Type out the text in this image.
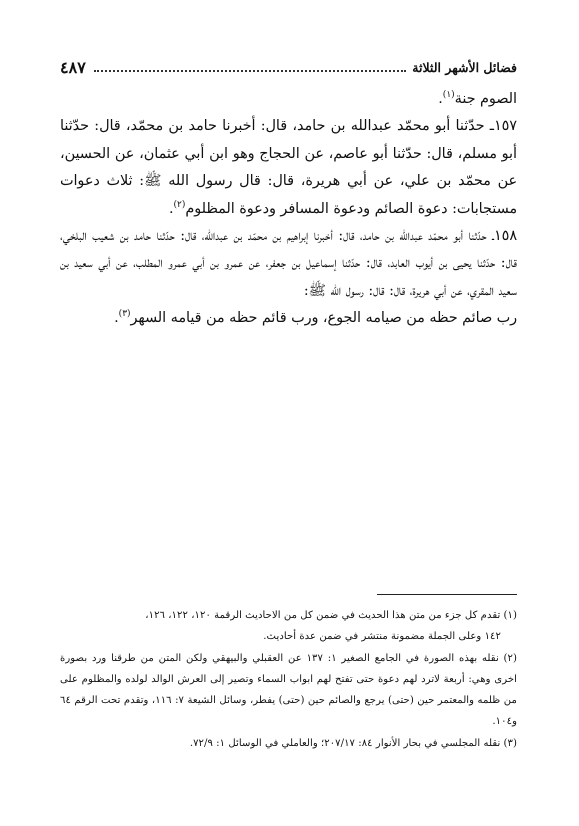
فضائل الأشهر الثلاثة
٤٨٧

الصوم جنة$^{(١)}$.

١٥٧ـ حدّثنا أبو محمّد عبدالله بن حامد، قال: أخبرنا حامد بن محمّد، قال: حدّثنا أبو مسلم، قال: حدّثنا أبو عاصم، عن الحجاج وهو ابن أبي عثمان، عن الحسين، عن محمّد بن علي، عن أبي هريرة، قال: قال رسول الله ﷺ: ثلاث دعوات مستجابات: دعوة الصائم ودعوة المسافر ودعوة المظلوم$^{(٢)}$.

١٥٨ـ حدّثنا أبو محمّد عبدالله بن حامد، قال: أخبرنا إبراهيم بن محمّد بن عبدالله، قال: حدّثنا حامد بن شعيب البلخي، قال: حدّثنا يحيى بن أيوب العابد، قال: حدّثنا إسماعيل بن جعفر، عن عمرو بن أبي عمرو المطلب، عن أبي سعيد بن سعيد المقري، عن أبي هريرة، قال: قال: رسول الله ﷺ:

رب صائم حظه من صيامه الجوع، ورب قائم حظه من قيامه السهر$^{(٣)}$.

(١) تقدم كل جزء من متن هذا الحديث في ضمن كل من الاحاديث الرقمة ١٢٠، ١٢٢، ١٢٦،

١٤٢ وعلى الجملة مضمونة منتشر في ضمن عدة أحاديث.

(٢) نقله بهذه الصورة في الجامع الصغير ١: ١٣٧ عن العقبلي والبيهقي ولكن المتن من طرقنا ورد بصورة اخرى وهي: أربعة لاترد لهم دعوة حتى تفتح لهم ابواب السماء وتصير إلى العرش الوالد لولده والمظلوم على من ظلمه والمعتمر حين (حتى) يرجع والصائم حين (حتى) يفطر، وسائل الشيعة ٧: ١١٦، وتقدم تحت الرقم ٦٤ و١٠٤.

(٣) نقله المجلسي في بحار الأنوار ٨٤: ٢٠٧/١٧؛ والعاملي في الوسائل ١: ٧٢/٩.
